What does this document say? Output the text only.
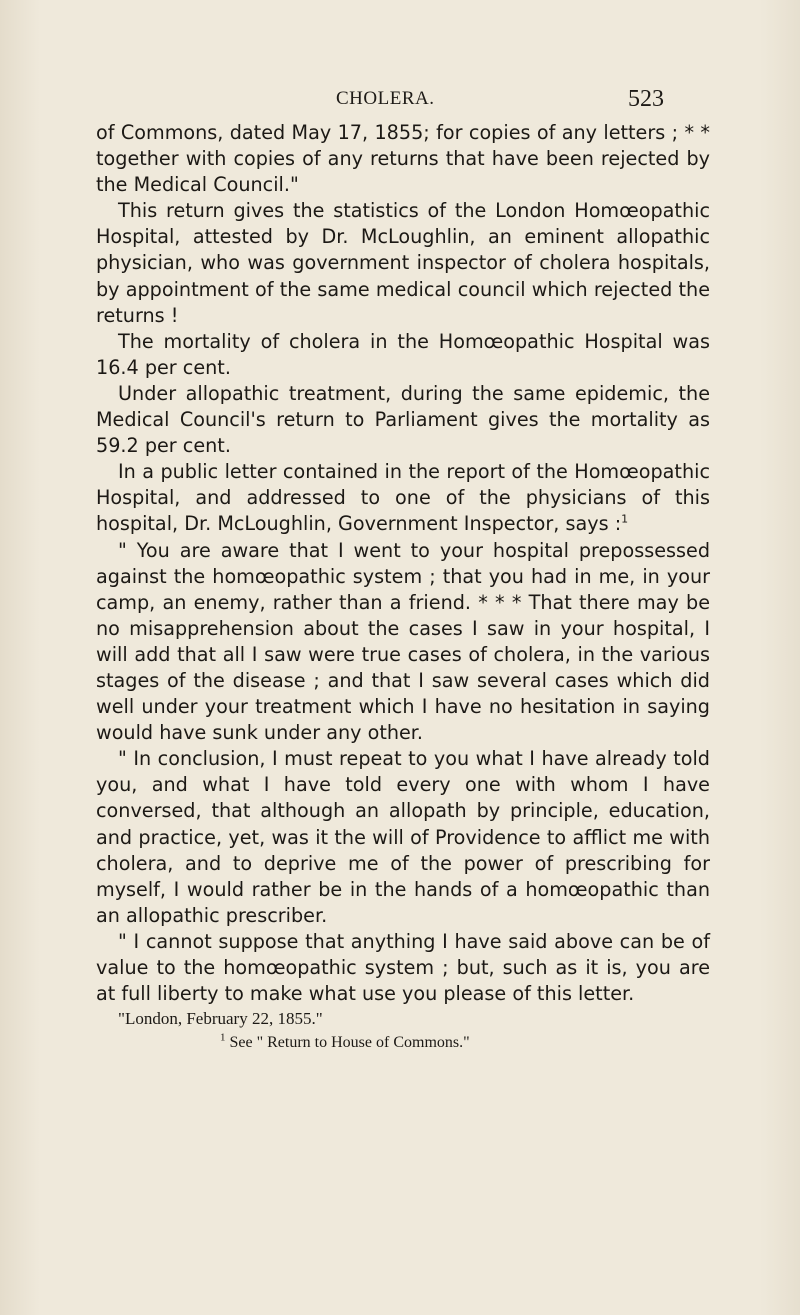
CHOLERA.	523

of Commons, dated May 17, 1855; for copies of any letters ; * * together with copies of any returns that have been rejected by the Medical Council."

This return gives the statistics of the London Homœopathic Hospital, attested by Dr. McLoughlin, an eminent allopathic physician, who was government inspector of cholera hospitals, by appointment of the same medical council which rejected the returns !

The mortality of cholera in the Homœopathic Hospital was 16.4 per cent.

Under allopathic treatment, during the same epidemic, the Medical Council's return to Parliament gives the mortality as 59.2 per cent.

In a public letter contained in the report of the Homœopathic Hospital, and addressed to one of the physicians of this hospital, Dr. McLoughlin, Government Inspector, says :$^1$

" You are aware that I went to your hospital prepossessed against the homœopathic system ; that you had in me, in your camp, an enemy, rather than a friend. * * * That there may be no misapprehension about the cases I saw in your hospital, I will add that all I saw were true cases of cholera, in the various stages of the disease ; and that I saw several cases which did well under your treatment which I have no hesitation in saying would have sunk under any other.

" In conclusion, I must repeat to you what I have already told you, and what I have told every one with whom I have conversed, that although an allopath by principle, education, and practice, yet, was it the will of Providence to afflict me with cholera, and to deprive me of the power of prescribing for myself, I would rather be in the hands of a homœopathic than an allopathic prescriber.

" I cannot suppose that anything I have said above can be of value to the homœopathic system ; but, such as it is, you are at full liberty to make what use you please of this letter.

"London, February 22, 1855."

$^1$ See " Return to House of Commons."
